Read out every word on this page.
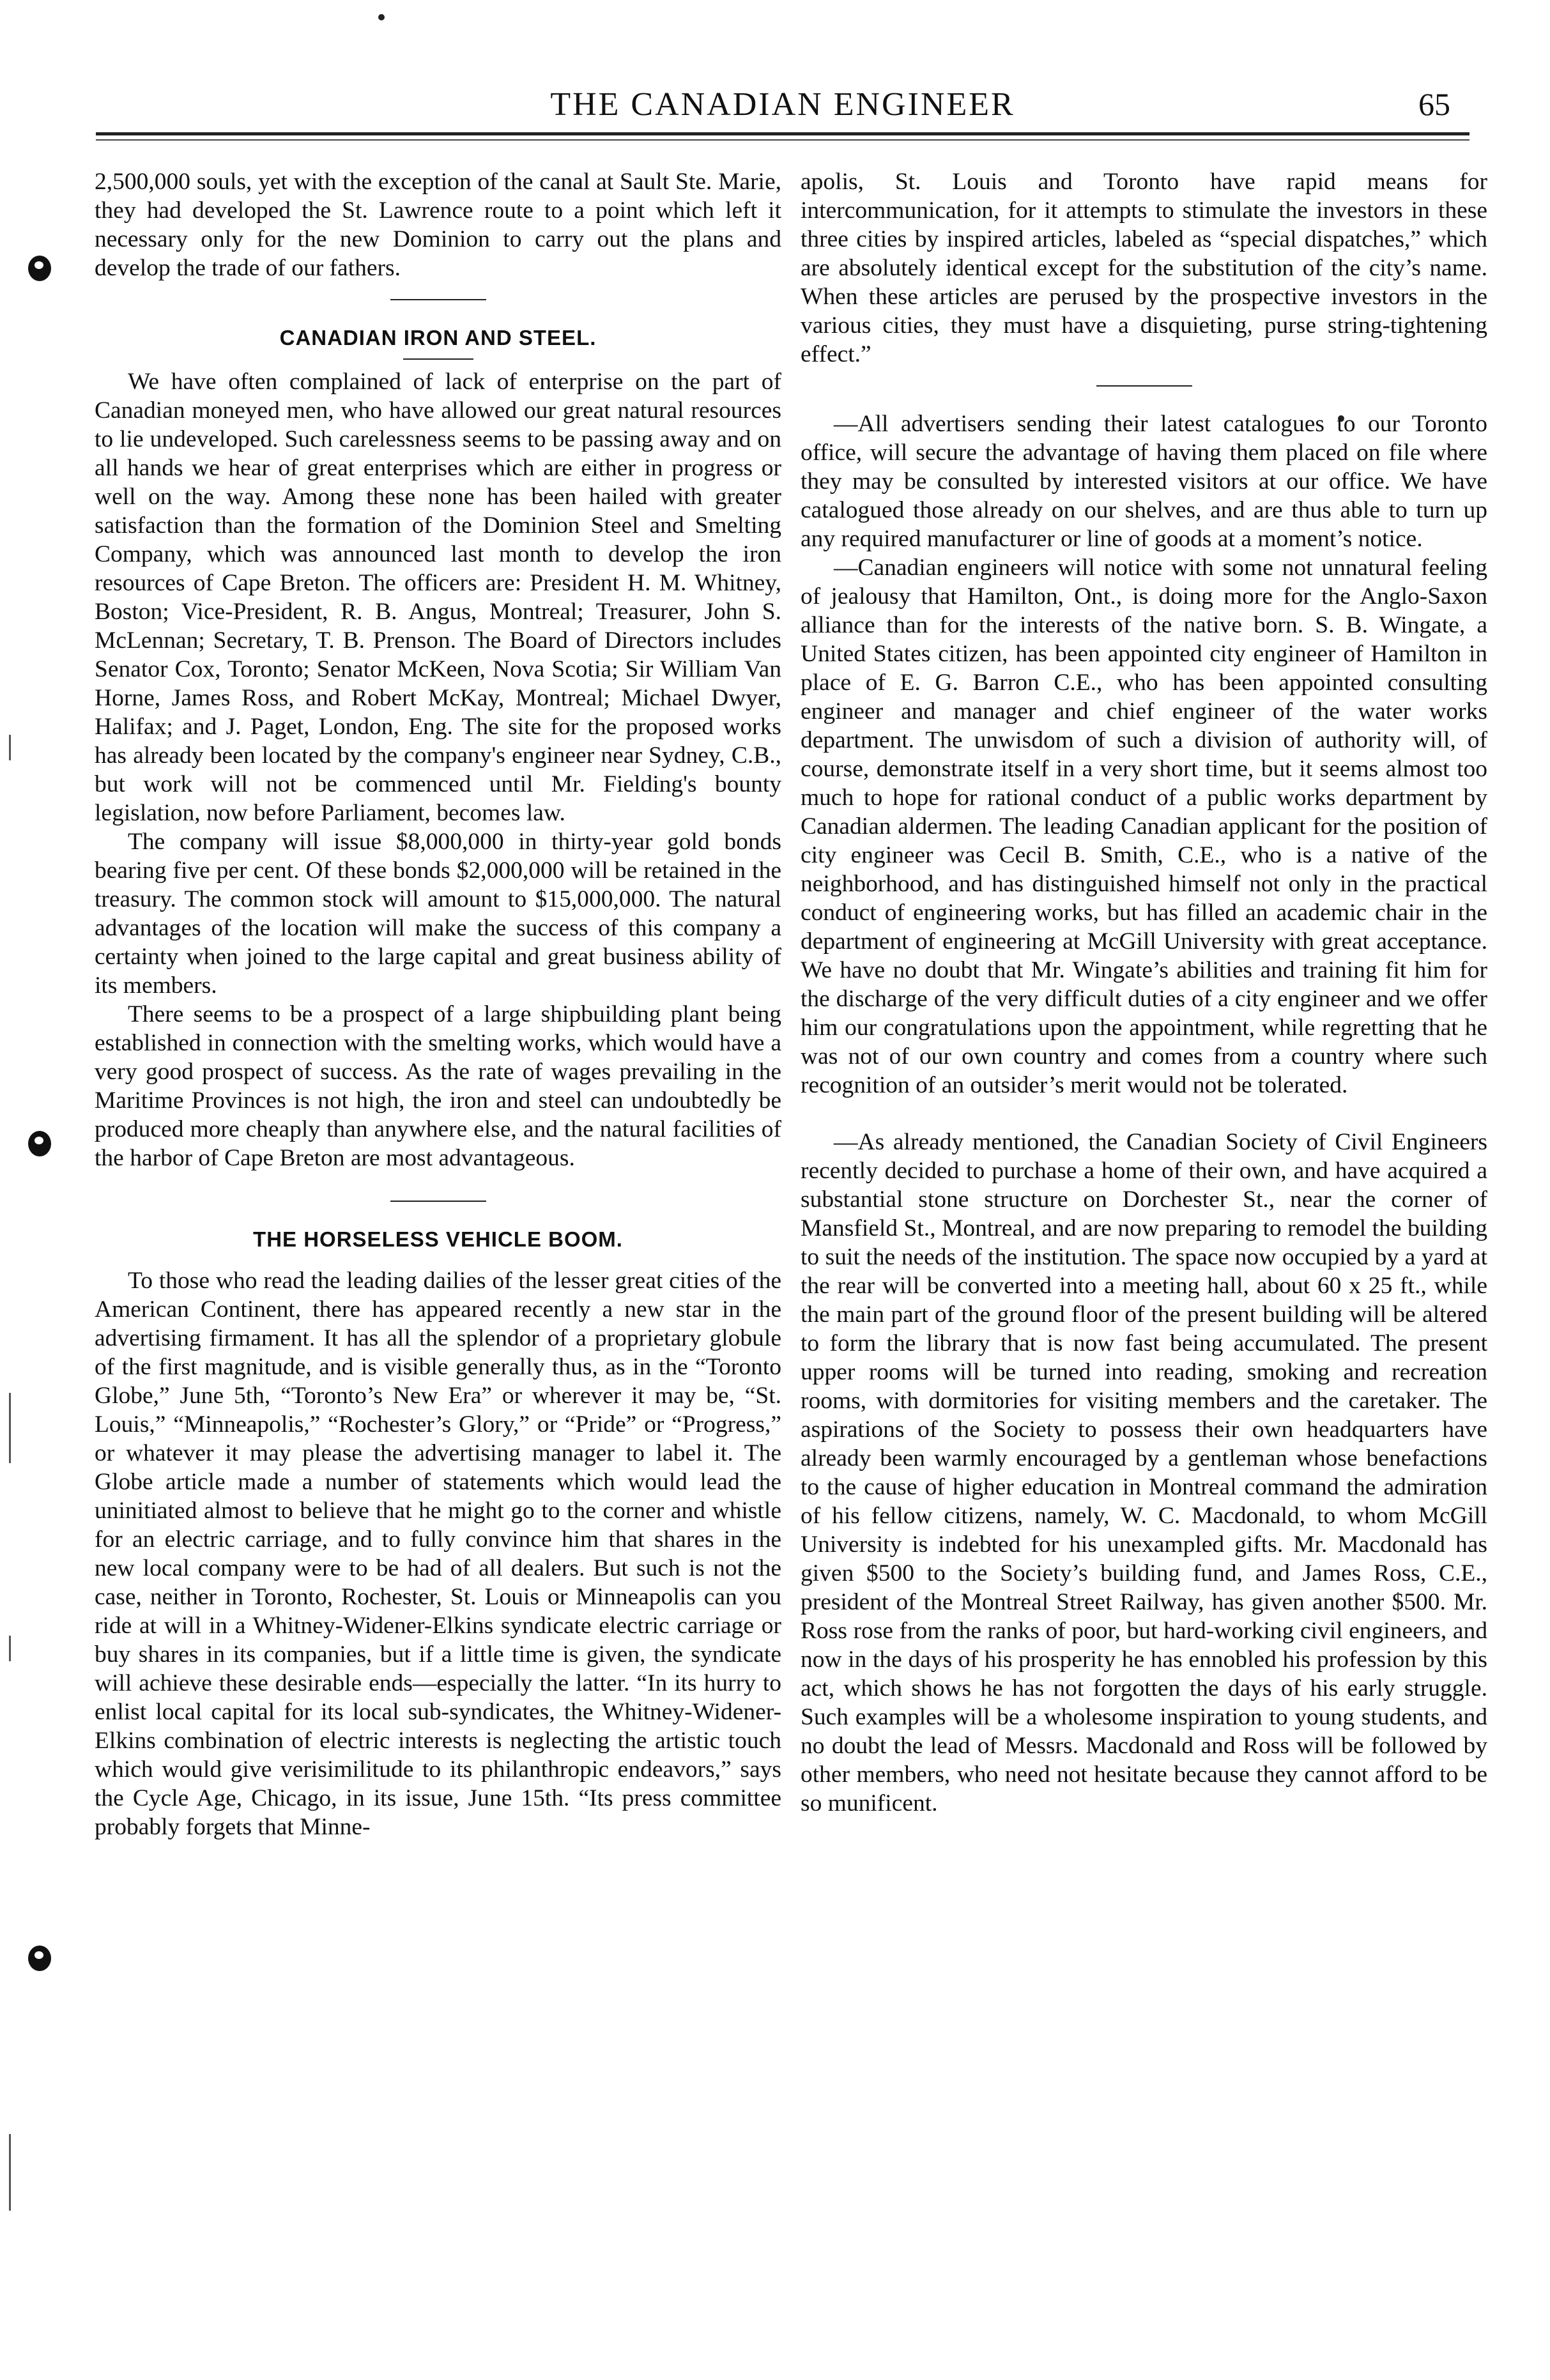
THE CANADIAN ENGINEER	65

2,500,000 souls, yet with the exception of the canal at Sault Ste. Marie, they had developed the St. Lawrence route to a point which left it necessary only for the new Dominion to carry out the plans and develop the trade of our fathers.

CANADIAN IRON AND STEEL.

We have often complained of lack of enterprise on the part of Canadian moneyed men, who have allowed our great natural resources to lie undeveloped. Such carelessness seems to be passing away and on all hands we hear of great enterprises which are either in progress or well on the way. Among these none has been hailed with greater satisfaction than the formation of the Dominion Steel and Smelting Company, which was announced last month to develop the iron resources of Cape Breton. The officers are: President H. M. Whitney, Boston; Vice-President, R. B. Angus, Montreal; Treasurer, John S. McLennan; Secretary, T. B. Prenson. The Board of Directors includes Senator Cox, Toronto; Senator McKeen, Nova Scotia; Sir William Van Horne, James Ross, and Robert McKay, Montreal; Michael Dwyer, Halifax; and J. Paget, London, Eng. The site for the proposed works has already been located by the company's engineer near Sydney, C.B., but work will not be commenced until Mr. Fielding's bounty legislation, now before Parliament, becomes law.

The company will issue $8,000,000 in thirty-year gold bonds bearing five per cent. Of these bonds $2,000,000 will be retained in the treasury. The common stock will amount to $15,000,000. The natural advantages of the location will make the success of this company a certainty when joined to the large capital and great business ability of its members.

There seems to be a prospect of a large shipbuilding plant being established in connection with the smelting works, which would have a very good prospect of success. As the rate of wages prevailing in the Maritime Provinces is not high, the iron and steel can undoubtedly be produced more cheaply than anywhere else, and the natural facilities of the harbor of Cape Breton are most advantageous.

THE HORSELESS VEHICLE BOOM.

To those who read the leading dailies of the lesser great cities of the American Continent, there has appeared recently a new star in the advertising firmament. It has all the splendor of a proprietary globule of the first magnitude, and is visible generally thus, as in the “Toronto Globe,” June 5th, “Toronto’s New Era” or wherever it may be, “St. Louis,” “Minneapolis,” “Rochester’s Glory,” or “Pride” or “Progress,” or whatever it may please the advertising manager to label it. The Globe article made a number of statements which would lead the uninitiated almost to believe that he might go to the corner and whistle for an electric carriage, and to fully convince him that shares in the new local company were to be had of all dealers. But such is not the case, neither in Toronto, Rochester, St. Louis or Minneapolis can you ride at will in a Whitney-Widener-Elkins syndicate electric carriage or buy shares in its companies, but if a little time is given, the syndicate will achieve these desirable ends—especially the latter. “In its hurry to enlist local capital for its local sub-syndicates, the Whitney-Widener-Elkins combination of electric interests is neglecting the artistic touch which would give verisimilitude to its philanthropic endeavors,” says the Cycle Age, Chicago, in its issue, June 15th. “Its press committee probably forgets that Minne-

apolis, St. Louis and Toronto have rapid means for intercommunication, for it attempts to stimulate the investors in these three cities by inspired articles, labeled as “special dispatches,” which are absolutely identical except for the substitution of the city’s name. When these articles are perused by the prospective investors in the various cities, they must have a disquieting, purse string-tightening effect.”

—All advertisers sending their latest catalogues to our Toronto office, will secure the advantage of having them placed on file where they may be consulted by interested visitors at our office. We have catalogued those already on our shelves, and are thus able to turn up any required manufacturer or line of goods at a moment’s notice.

—Canadian engineers will notice with some not unnatural feeling of jealousy that Hamilton, Ont., is doing more for the Anglo-Saxon alliance than for the interests of the native born. S. B. Wingate, a United States citizen, has been appointed city engineer of Hamilton in place of E. G. Barron C.E., who has been appointed consulting engineer and manager and chief engineer of the water works department. The unwisdom of such a division of authority will, of course, demonstrate itself in a very short time, but it seems almost too much to hope for rational conduct of a public works department by Canadian aldermen. The leading Canadian applicant for the position of city engineer was Cecil B. Smith, C.E., who is a native of the neighborhood, and has distinguished himself not only in the practical conduct of engineering works, but has filled an academic chair in the department of engineering at McGill University with great acceptance. We have no doubt that Mr. Wingate’s abilities and training fit him for the discharge of the very difficult duties of a city engineer and we offer him our congratulations upon the appointment, while regretting that he was not of our own country and comes from a country where such recognition of an outsider’s merit would not be tolerated.

—As already mentioned, the Canadian Society of Civil Engineers recently decided to purchase a home of their own, and have acquired a substantial stone structure on Dorchester St., near the corner of Mansfield St., Montreal, and are now preparing to remodel the building to suit the needs of the institution. The space now occupied by a yard at the rear will be converted into a meeting hall, about 60 x 25 ft., while the main part of the ground floor of the present building will be altered to form the library that is now fast being accumulated. The present upper rooms will be turned into reading, smoking and recreation rooms, with dormitories for visiting members and the caretaker. The aspirations of the Society to possess their own headquarters have already been warmly encouraged by a gentleman whose benefactions to the cause of higher education in Montreal command the admiration of his fellow citizens, namely, W. C. Macdonald, to whom McGill University is indebted for his unexampled gifts. Mr. Macdonald has given $500 to the Society’s building fund, and James Ross, C.E., president of the Montreal Street Railway, has given another $500. Mr. Ross rose from the ranks of poor, but hard-working civil engineers, and now in the days of his prosperity he has ennobled his profession by this act, which shows he has not forgotten the days of his early struggle. Such examples will be a wholesome inspiration to young students, and no doubt the lead of Messrs. Macdonald and Ross will be followed by other members, who need not hesitate because they cannot afford to be so munificent.
